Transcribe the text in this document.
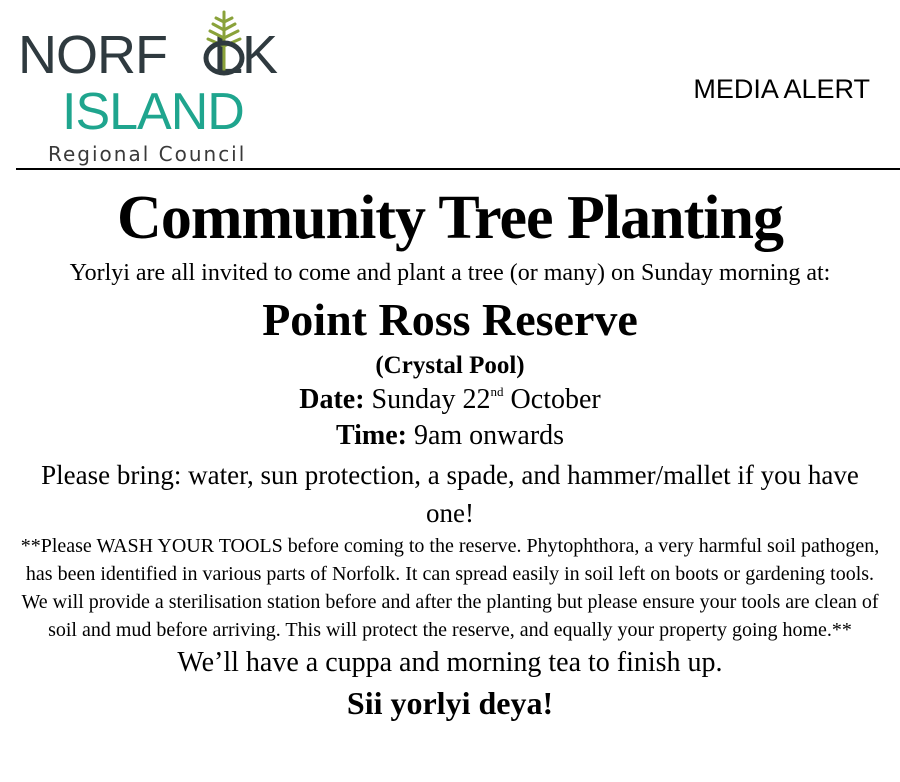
NORF LK
ISLAND
Regional Council
MEDIA ALERT

Community Tree Planting

Yorlyi are all invited to come and plant a tree (or many) on Sunday morning at:

Point Ross Reserve

(Crystal Pool)

Date: Sunday 22nd October

Time: 9am onwards

Please bring: water, sun protection, a spade, and hammer/mallet if you have one!

**Please WASH YOUR TOOLS before coming to the reserve. Phytophthora, a very harmful soil pathogen, has been identified in various parts of Norfolk. It can spread easily in soil left on boots or gardening tools. We will provide a sterilisation station before and after the planting but please ensure your tools are clean of soil and mud before arriving. This will protect the reserve, and equally your property going home.**

We’ll have a cuppa and morning tea to finish up.

Sii yorlyi deya!
